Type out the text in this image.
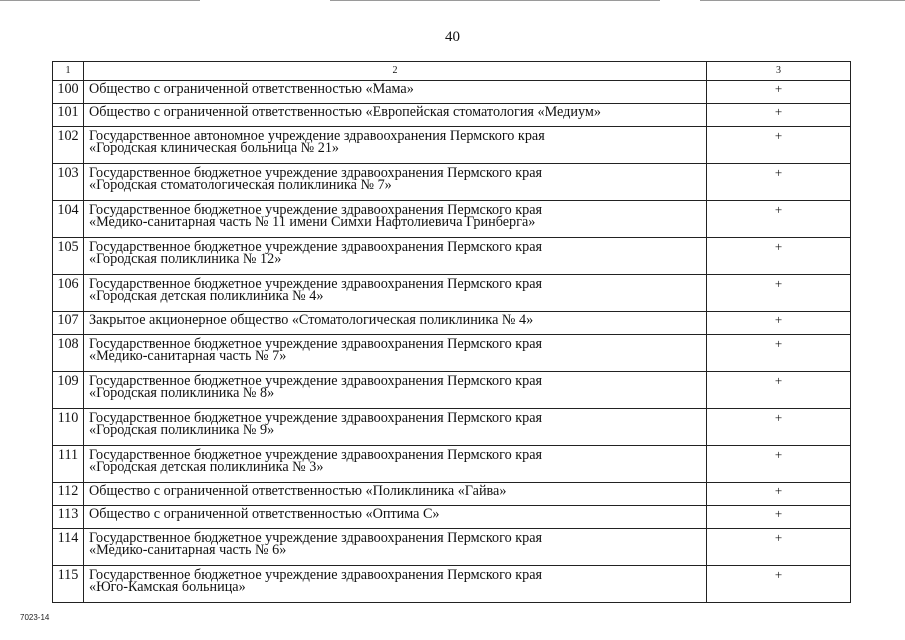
40
1	2	3
100	Общество с ограниченной ответственностью «Мама»	+
101	Общество с ограниченной ответственностью «Европейская стоматология «Медиум»	+
102	Государственное автономное учреждение здравоохранения Пермского края
«Городская клиническая больница № 21»	+
103	Государственное бюджетное учреждение здравоохранения Пермского края
«Городская стоматологическая поликлиника № 7»	+
104	Государственное бюджетное учреждение здравоохранения Пермского края
«Медико-санитарная часть № 11 имени Симхи Нафтолиевича Гринберга»	+
105	Государственное бюджетное учреждение здравоохранения Пермского края
«Городская поликлиника № 12»	+
106	Государственное бюджетное учреждение здравоохранения Пермского края
«Городская детская поликлиника № 4»	+
107	Закрытое акционерное общество «Стоматологическая поликлиника № 4»	+
108	Государственное бюджетное учреждение здравоохранения Пермского края
«Медико-санитарная часть № 7»	+
109	Государственное бюджетное учреждение здравоохранения Пермского края
«Городская поликлиника № 8»	+
110	Государственное бюджетное учреждение здравоохранения Пермского края
«Городская поликлиника № 9»	+
111	Государственное бюджетное учреждение здравоохранения Пермского края
«Городская детская поликлиника № 3»	+
112	Общество с ограниченной ответственностью «Поликлиника «Гайва»	+
113	Общество с ограниченной ответственностью «Оптима С»	+
114	Государственное бюджетное учреждение здравоохранения Пермского края
«Медико-санитарная часть № 6»	+
115	Государственное бюджетное учреждение здравоохранения Пермского края
«Юго-Камская больница»	+
7023-14
